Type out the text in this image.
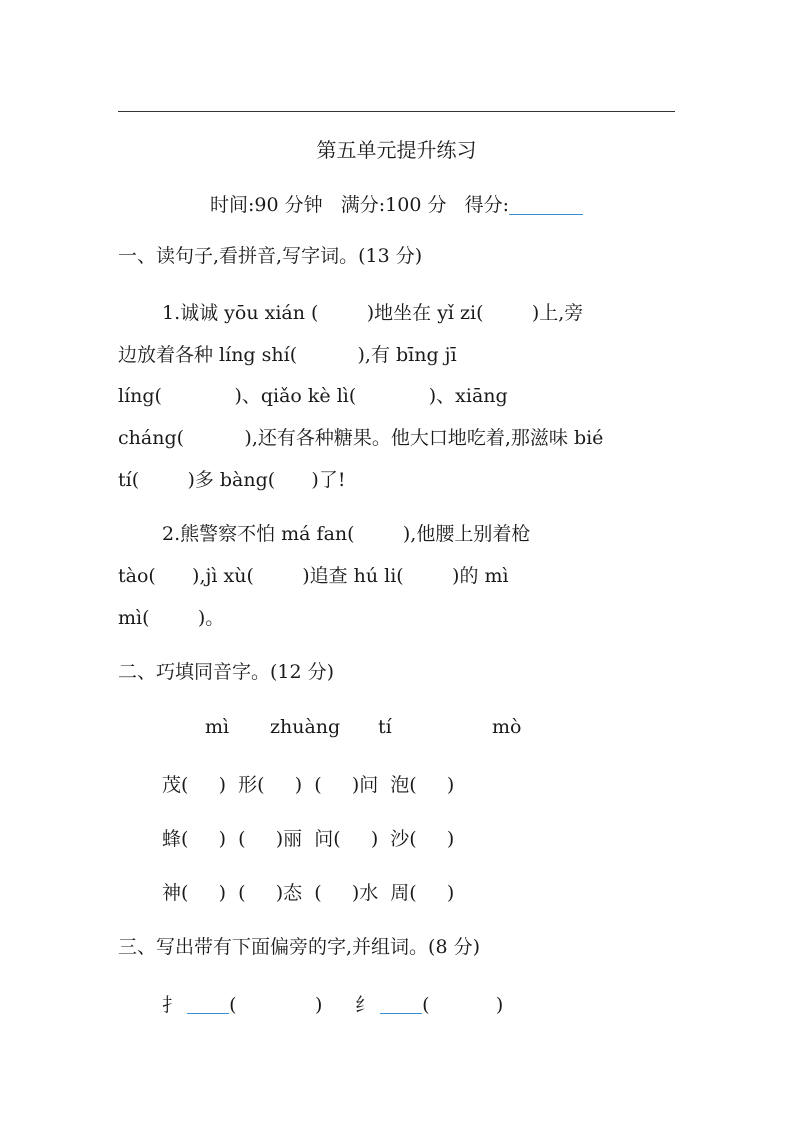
第五单元提升练习
时间:90 分钟 满分:100 分 得分:
一、读句子,看拼音,写字词。(13 分)
1.诚诚 yōu xián (        )地坐在 yǐ zi(        )上,旁
边放着各种 líng shí(          ),有 bīng jī
líng(            )、qiǎo kè lì(            )、xiāng
cháng(          ),还有各种糖果。他大口地吃着,那滋味 bié
tí(        )多 bàng(      )了!
2.熊警察不怕 má fan(        ),他腰上别着枪
tào(      ),jì xù(        )追查 hú li(        )的 mì
mì(        )。
二、巧填同音字。(12 分)
mì zhuàng tí	mò
茂(     )  形(     )  (     )问  泡(     )
蜂(     )  (     )丽  问(     )  沙(     )
神(     )  (     )态  (     )水  周(     )
三、写出带有下面偏旁的字,并组词。(8 分)
扌	(	) 纟	(	)
